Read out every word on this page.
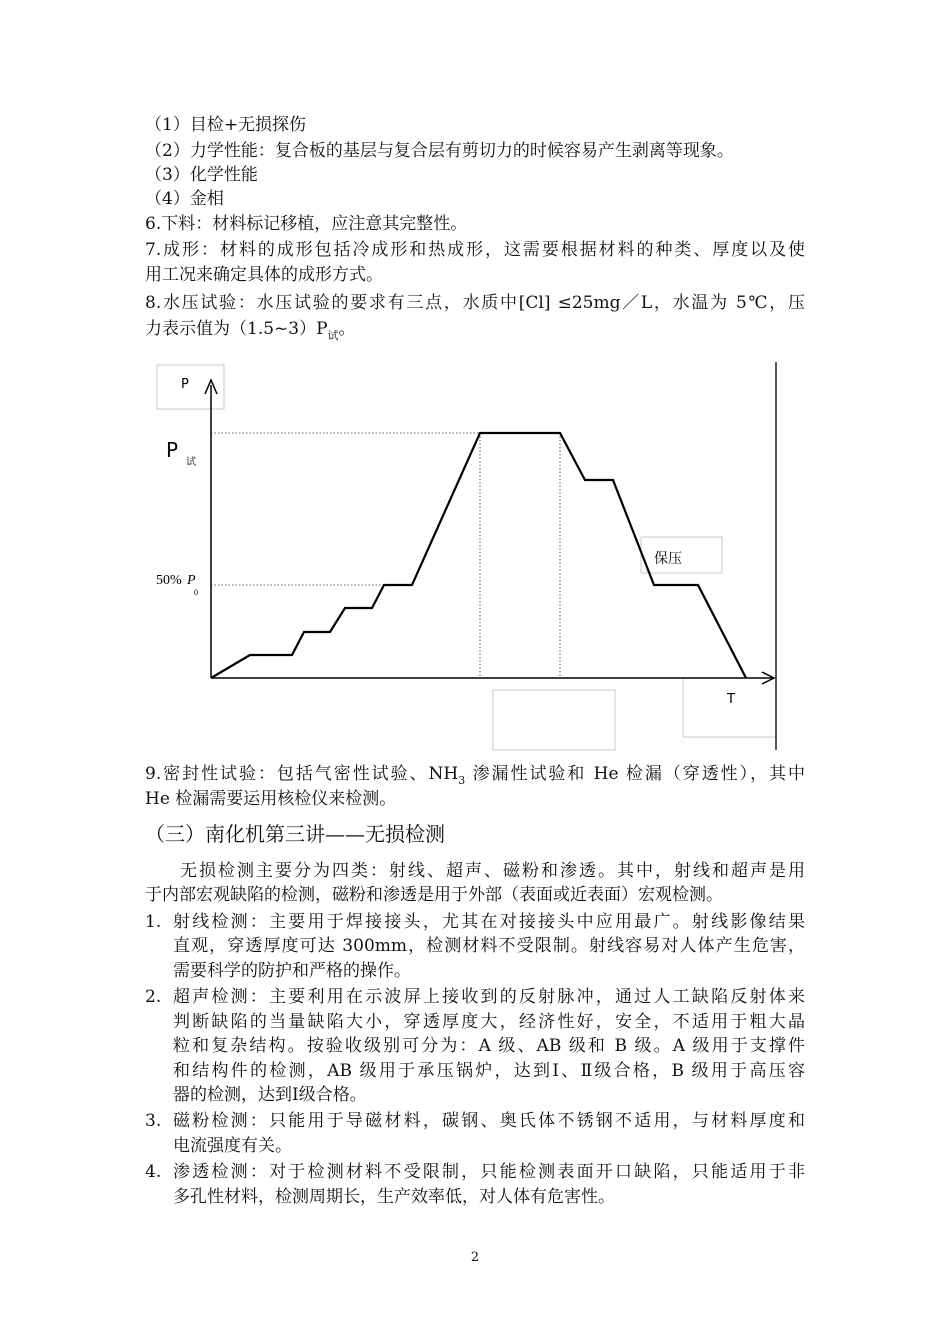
（1）目检+无损探伤

（2）力学性能：复合板的基层与复合层有剪切力的时候容易产生剥离等现象。

（3）化学性能

（4）金相

6.下料：材料标记移植，应注意其完整性。

7.成形：材料的成形包括冷成形和热成形，这需要根据材料的种类、厚度以及使

用工况来确定具体的成形方式。

8.水压试验：水压试验的要求有三点，水质中[Cl] ≤25mg／L，水温为 5℃，压

力表示值为$(1.5\sim 3)P_试$。

P
P
试
50% P
0
保压
T

9.密封性试验：包括气密性试验、$NH_3$ 渗漏性试验和 He 检漏（穿透性），其中

He 检漏需要运用核检仪来检测。

（三）南化机第三讲——无损检测

无损检测主要分为四类：射线、超声、磁粉和渗透。其中，射线和超声是用

于内部宏观缺陷的检测，磁粉和渗透是用于外部（表面或近表面）宏观检测。

1. 射线检测：主要用于焊接接头，尤其在对接接头中应用最广。射线影像结果

直观，穿透厚度可达 300mm，检测材料不受限制。射线容易对人体产生危害，

需要科学的防护和严格的操作。

2. 超声检测：主要利用在示波屏上接收到的反射脉冲，通过人工缺陷反射体来

判断缺陷的当量缺陷大小，穿透厚度大，经济性好，安全，不适用于粗大晶

粒和复杂结构。按验收级别可分为：A 级、AB 级和 B 级。A 级用于支撑件

和结构件的检测，AB 级用于承压锅炉，达到Ⅰ、Ⅱ级合格，B 级用于高压容

器的检测，达到Ⅰ级合格。

3. 磁粉检测：只能用于导磁材料，碳钢、奥氏体不锈钢不适用，与材料厚度和

电流强度有关。

4. 渗透检测：对于检测材料不受限制，只能检测表面开口缺陷，只能适用于非

多孔性材料，检测周期长，生产效率低，对人体有危害性。

2
